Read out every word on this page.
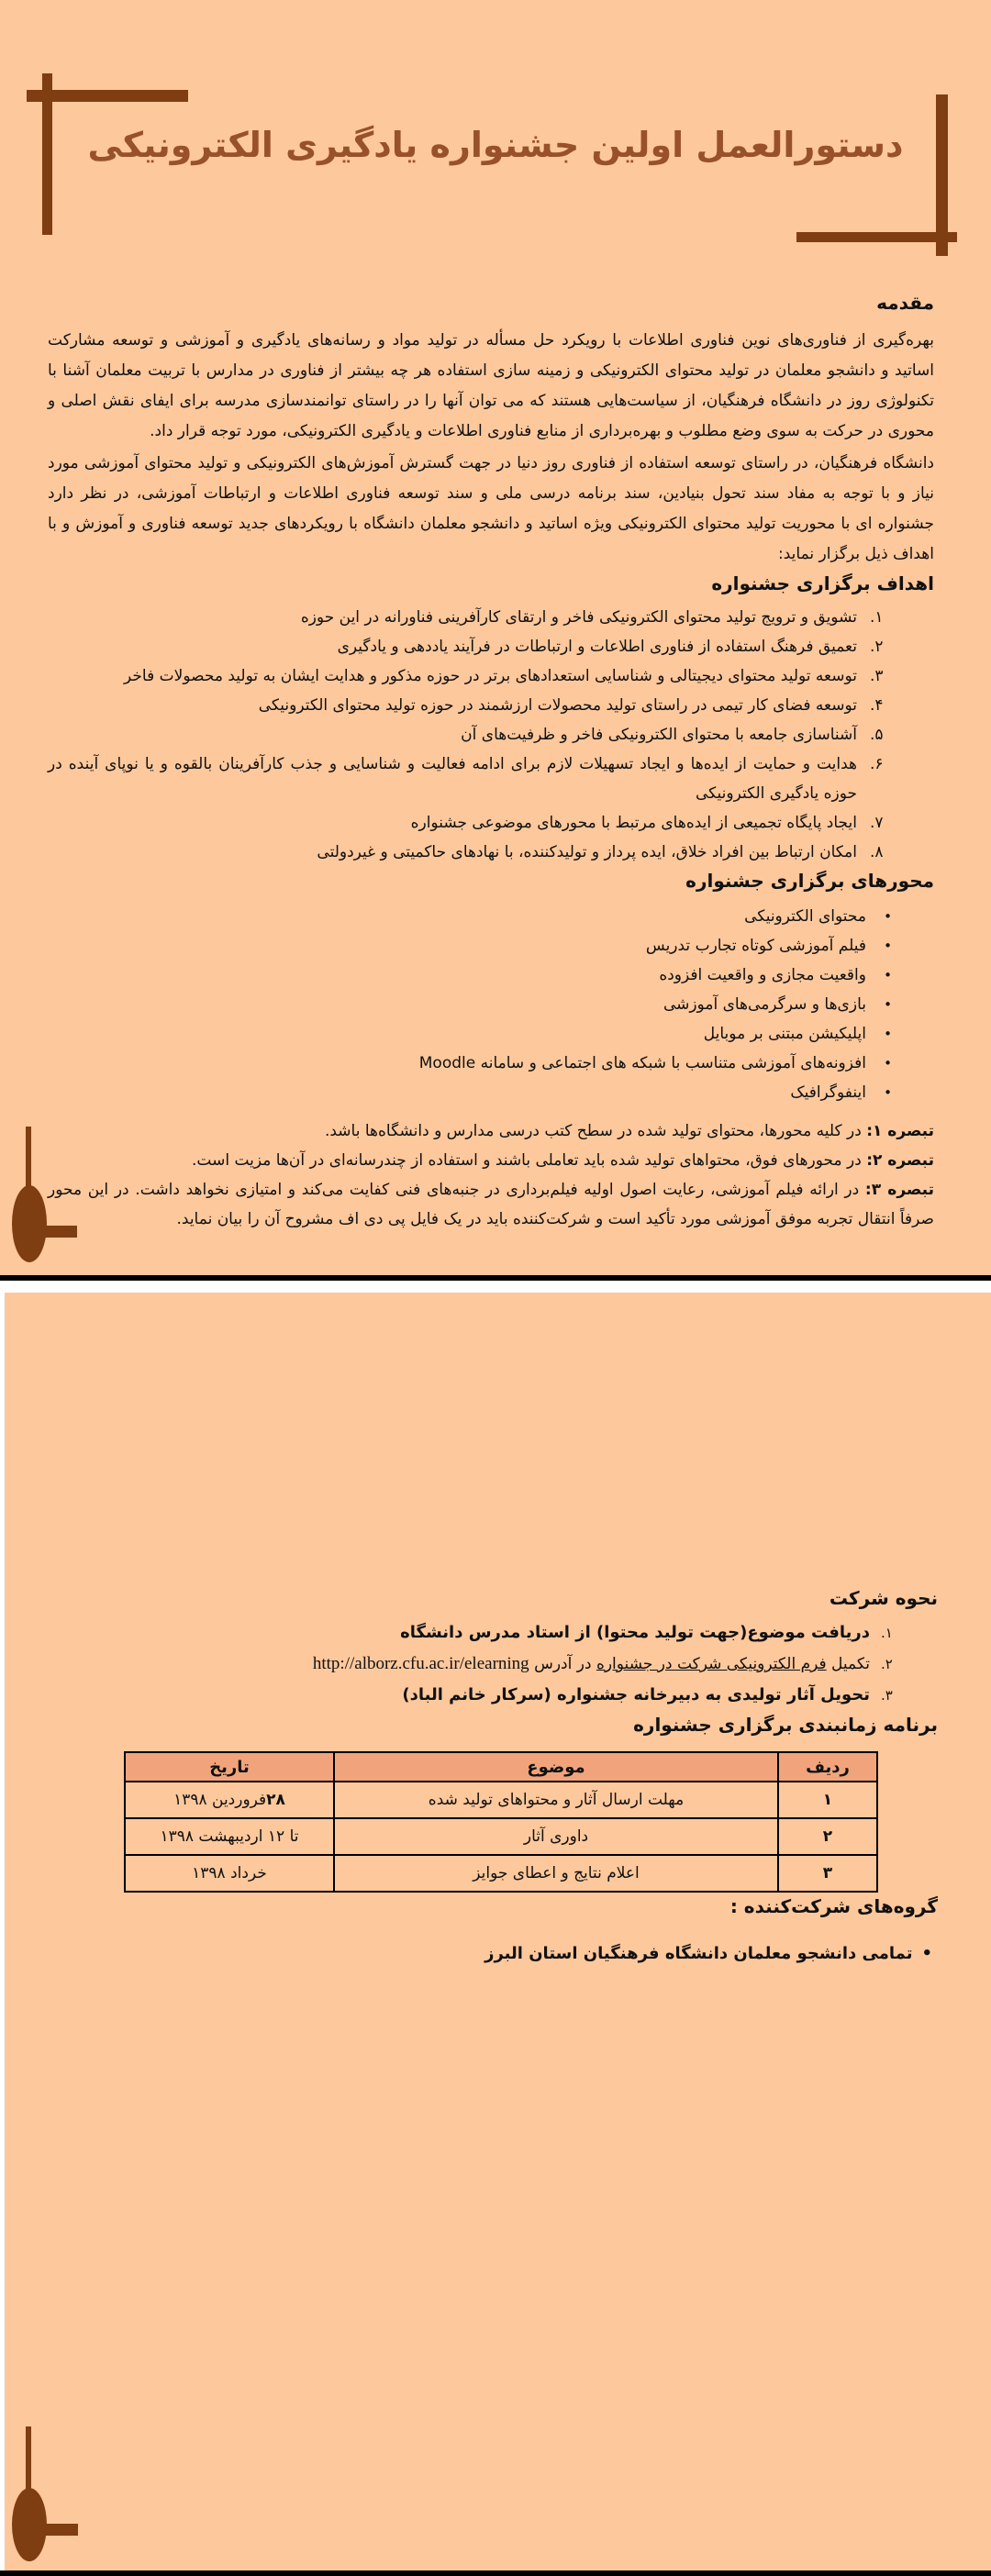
دستورالعمل اولین جشنواره یادگیری الکترونیکی
مقدمه

بهره‌گیری از فناوری‌های نوین فناوری اطلاعات با رویکرد حل مسأله در تولید مواد و رسانه‌های یادگیری و آموزشی و توسعه مشارکت اساتید و دانشجو معلمان در تولید محتوای الکترونیکی و زمینه سازی استفاده هر چه بیشتر از فناوری در مدارس با تربیت معلمان آشنا با تکنولوژی روز در دانشگاه فرهنگیان، از سیاست‌هایی هستند که می توان آنها را در راستای توانمندسازی مدرسه برای ایفای نقش اصلی و محوری در حرکت به سوی وضع مطلوب و بهره‌برداری از منابع فناوری اطلاعات و یادگیری الکترونیکی، مورد توجه قرار داد.

دانشگاه فرهنگیان، در راستای توسعه استفاده از فناوری روز دنیا در جهت گسترش آموزش‌های الکترونیکی و تولید محتوای آموزشی مورد نیاز و با توجه به مفاد سند تحول بنیادین، سند برنامه درسی ملی و سند توسعه فناوری اطلاعات و ارتباطات آموزشی، در نظر دارد جشنواره ای با محوریت تولید محتوای الکترونیکی ویژه اساتید و دانشجو معلمان دانشگاه با رویکردهای جدید توسعه فناوری و آموزش و با اهداف ذیل برگزار نماید:

اهداف برگزاری جشنواره
۱.
تشویق و ترویج تولید محتوای الکترونیکی فاخر و ارتقای کارآفرینی فناورانه در این حوزه
۲.
تعمیق فرهنگ استفاده از فناوری اطلاعات و ارتباطات در فرآیند یاددهی و یادگیری
۳.
توسعه تولید محتوای دیجیتالی و شناسایی استعدادهای برتر در حوزه مذکور و هدایت ایشان به تولید محصولات فاخر
۴.
توسعه فضای کار تیمی در راستای تولید محصولات ارزشمند در حوزه تولید محتوای الکترونیکی
۵.
آشناسازی جامعه با محتوای الکترونیکی فاخر و ظرفیت‌های آن
۶.
هدایت و حمایت از ایده‌ها و ایجاد تسهیلات لازم برای ادامه فعالیت و شناسایی و جذب کارآفرینان بالقوه و یا نوپای آینده در حوزه یادگیری الکترونیکی
۷.
ایجاد پایگاه تجمیعی از ایده‌های مرتبط با محورهای موضوعی جشنواره
۸.
امکان ارتباط بین افراد خلاق، ایده پرداز و تولیدکننده، با نهادهای حاکمیتی و غیردولتی
محورهای برگزاری جشنواره
•
محتوای الکترونیکی
•
فیلم آموزشی کوتاه تجارب تدریس
•
واقعیت مجازی و واقعیت افزوده
•
بازی‌ها و سرگرمی‌های آموزشی
•
اپلیکیشن مبتنی بر موبایل
•
افزونه‌های آموزشی متناسب با شبکه های اجتماعی و سامانه Moodle
•
اینفوگرافیک

تبصره ۱: در کلیه محورها، محتوای تولید شده در سطح کتب درسی مدارس و دانشگاه‌ها باشد.

تبصره ۲: در محورهای فوق، محتواهای تولید شده باید تعاملی باشند و استفاده از چندرسانه‌ای در آن‌ها مزیت است.

تبصره ۳: در ارائه فیلم آموزشی، رعایت اصول اولیه فیلم‌برداری در جنبه‌های فنی کفایت می‌کند و امتیازی نخواهد داشت. در این محور صرفاً انتقال تجربه موفق آموزشی مورد تأکید است و شرکت‌کننده باید در یک فایل پی دی اف مشروح آن را بیان نماید.

نحوه شرکت
۱.
دریافت موضوع(جهت تولید محتوا) از استاد مدرس دانشگاه
۲.
تکمیل فرم الکترونیکی شرکت در جشنواره در آدرس http://alborz.cfu.ac.ir/elearning
۳.
تحویل آثار تولیدی به دبیرخانه جشنواره (سرکار خانم الباد)
برنامه زمانبندی برگزاری جشنواره
ردیف	موضوع	تاریخ
۱	مهلت ارسال آثار و محتواهای تولید شده	۲۸فروردین ۱۳۹۸
۲	داوری آثار	تا ۱۲ اردیبهشت ۱۳۹۸
۳	اعلام نتایج و اعطای جوایز	خرداد ۱۳۹۸
گروه‌های شرکت‌کننده :

•تمامی دانشجو معلمان دانشگاه فرهنگیان استان البرز
